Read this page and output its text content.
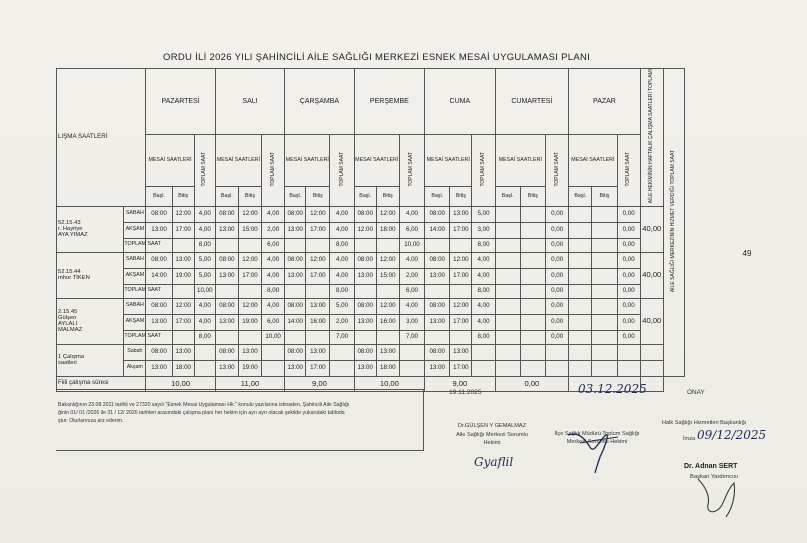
ORDU İLİ 2026 YILI ŞAHİNCİLİ AİLE SAĞLIĞI MERKEZİ ESNEK MESAİ UYGULAMASI PLANI
LIŞMA SAATLERİ		PAZARTESİ			SALI			ÇARŞAMBA			PERŞEMBE			CUMA			CUMARTESİ			PAZAR			AİLE HEKİMİNİN HAFTALIK ÇALIŞMA SAATLERİ TOPLAMI	AİLE SAĞLIĞI MERKEZİNİN HİZMET VERDİĞİ TOPLAM SAAT

		MESAİ SAATLERİ		TOPLAM SAAT	MESAİ SAATLERİ		TOPLAM SAAT	MESAİ SAATLERİ		TOPLAM SAAT	MESAİ SAATLERİ		TOPLAM SAAT	MESAİ SAATLERİ		TOPLAM SAAT	MESAİ SAATLERİ		TOPLAM SAAT	MESAİ SAATLERİ		TOPLAM SAAT		
		Başl.	Bitiş		Başl.	Bitiş		Başl.	Bitiş		Başl.	Bitiş		Başl.	Bitiş		Başl.	Bitiş		Başl.	Bitiş			

52.15.43
r. Hayriye
AYA YIMAZ	SABAH	08:00	12:00	4,00	08:00	12:00	4,00	08:00	12:00	4,00	08:00	12:00	4,00	08:00	13:00	5,00			0,00			0,00	40,00	
	AKŞAM	13:00	17:00	4,00	13:00	15:00	2,00	13:00	17:00	4,00	12:00	18:00	6,00	14:00	17:00	3,00			0,00			0,00		
	TOPLAM SAAT			8,00			6,00			8,00			10,00			8,00			0,00			0,00		

52.15.44
mhur TİKEN	SABAH	08:00	13:00	5,00	08:00	12:00	4,00	08:00	12:00	4,00	08:00	12:00	4,00	08:00	12:00	4,00			0,00			0,00	40,00	
	AKŞAM	14:00	19:00	5,00	13:00	17:00	4,00	13:00	17:00	4,00	13:00	15:00	2,00	13:00	17:00	4,00			0,00			0,00		
	TOPLAM SAAT			10,00			8,00			8,00			6,00			8,00			0,00			0,00		

2.15.45
Gülşen
AYLALI
MALMAZ	SABAH	08:00	12:00	4,00	08:00	12:00	4,00	08:00	13:00	5,00	08:00	12:00	4,00	08:00	12:00	4,00			0,00			0,00	40,00	
	AKŞAM	13:00	17:00	4,00	13:00	19:00	6,00	14:00	16:00	2,00	13:00	16:00	3,00	13:00	17:00	4,00			0,00			0,00		
	TOPLAM SAAT			8,00			10,00			7,00			7,00			8,00			0,00			0,00		

1 Çalışma
saatleri	Sabah	08:00	13:00		08:00	13:00		08:00	13:00		08:00	13:00		08:00	13:00									
	Akşam	13:00	18:00		13:00	19:00		13:00	17:00		13:00	18:00		13:00	17:00									
Fiili çalışma süresi		10,00			11,00			9,00			10,00			9,00			0,00							
Bakanlığının 23.08.2011 tarihli ve 27320 sayılı "Esnek Mesai Uygulaması Hk." konulu yazılarına istinaden, Şahincili Aile Sağlığı
ğinin 01/ 01 /2026 ile 31 / 12/ 2026 tarihleri arasındaki çalışma planı her hekim için ayrı ayrı olacak şekilde yukarıdaki tabloda
ştur. Olurlarınıza arz ederim.
19.11.2025	03.12.2025	ONAY
Dr.GÜLŞEN Y GEMALMAZ
Aile Sağlığı Merkezi Sorumlu
Hekimi
İlçe Sağlık Müdürü Toplum Sağlığı
Merkezi Sorumlu Hekimi
Halk Sağlığı Hizmetleri Başkanlığı
İmza 09/12/2025
Dr. Adnan SERT
Başkan Yardımcısı
Gyaflil
49
